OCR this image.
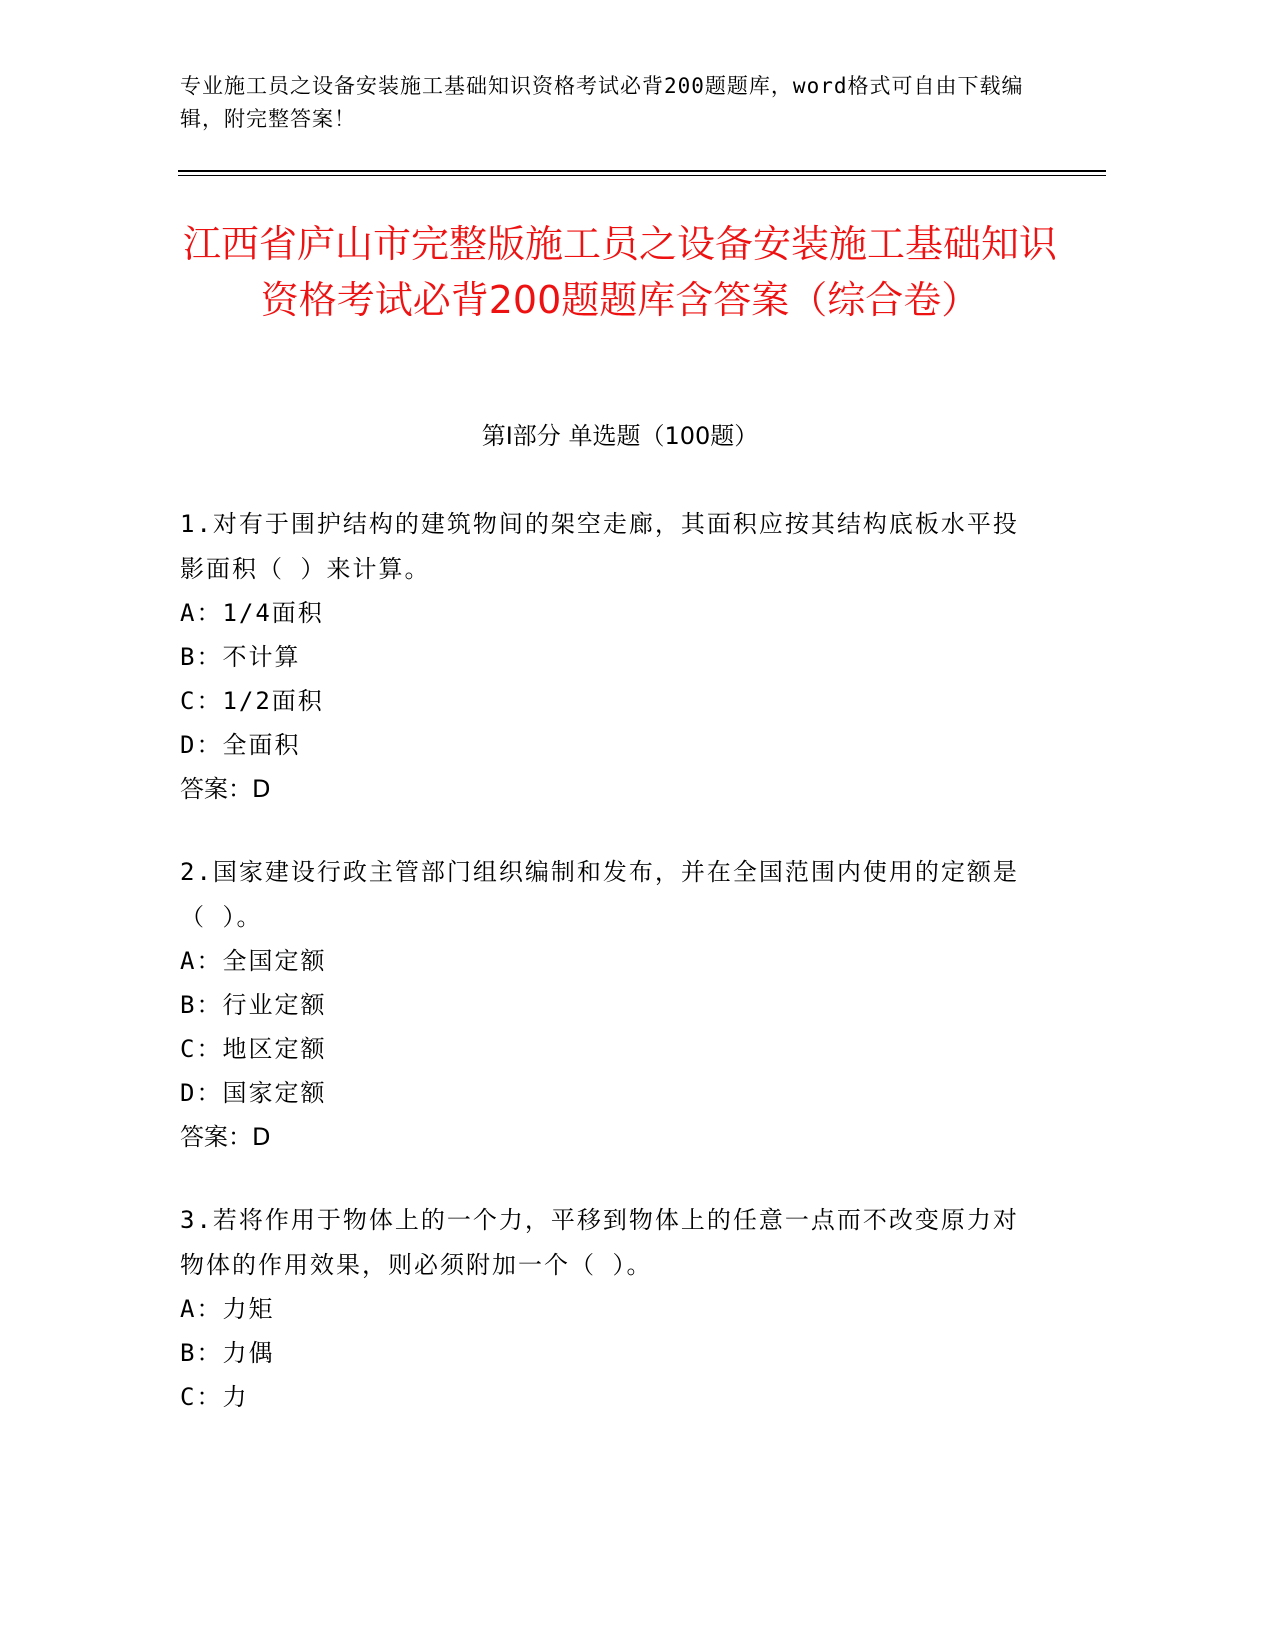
专业施工员之设备安装施工基础知识资格考试必背200题题库，word格式可自由下载编辑，附完整答案！
江西省庐山市完整版施工员之设备安装施工基础知识资格考试必背200题题库含答案（综合卷）
第Ⅰ部分 单选题（100题）
1.对有于围护结构的建筑物间的架空走廊，其面积应按其结构底板水平投影面积（ ）来计算。
A：1/4面积
B：不计算
C：1/2面积
D：全面积
答案：D
2.国家建设行政主管部门组织编制和发布，并在全国范围内使用的定额是（ ）。
A：全国定额
B：行业定额
C：地区定额
D：国家定额
答案：D
3.若将作用于物体上的一个力，平移到物体上的任意一点而不改变原力对物体的作用效果，则必须附加一个（ ）。
A：力矩
B：力偶
C：力
